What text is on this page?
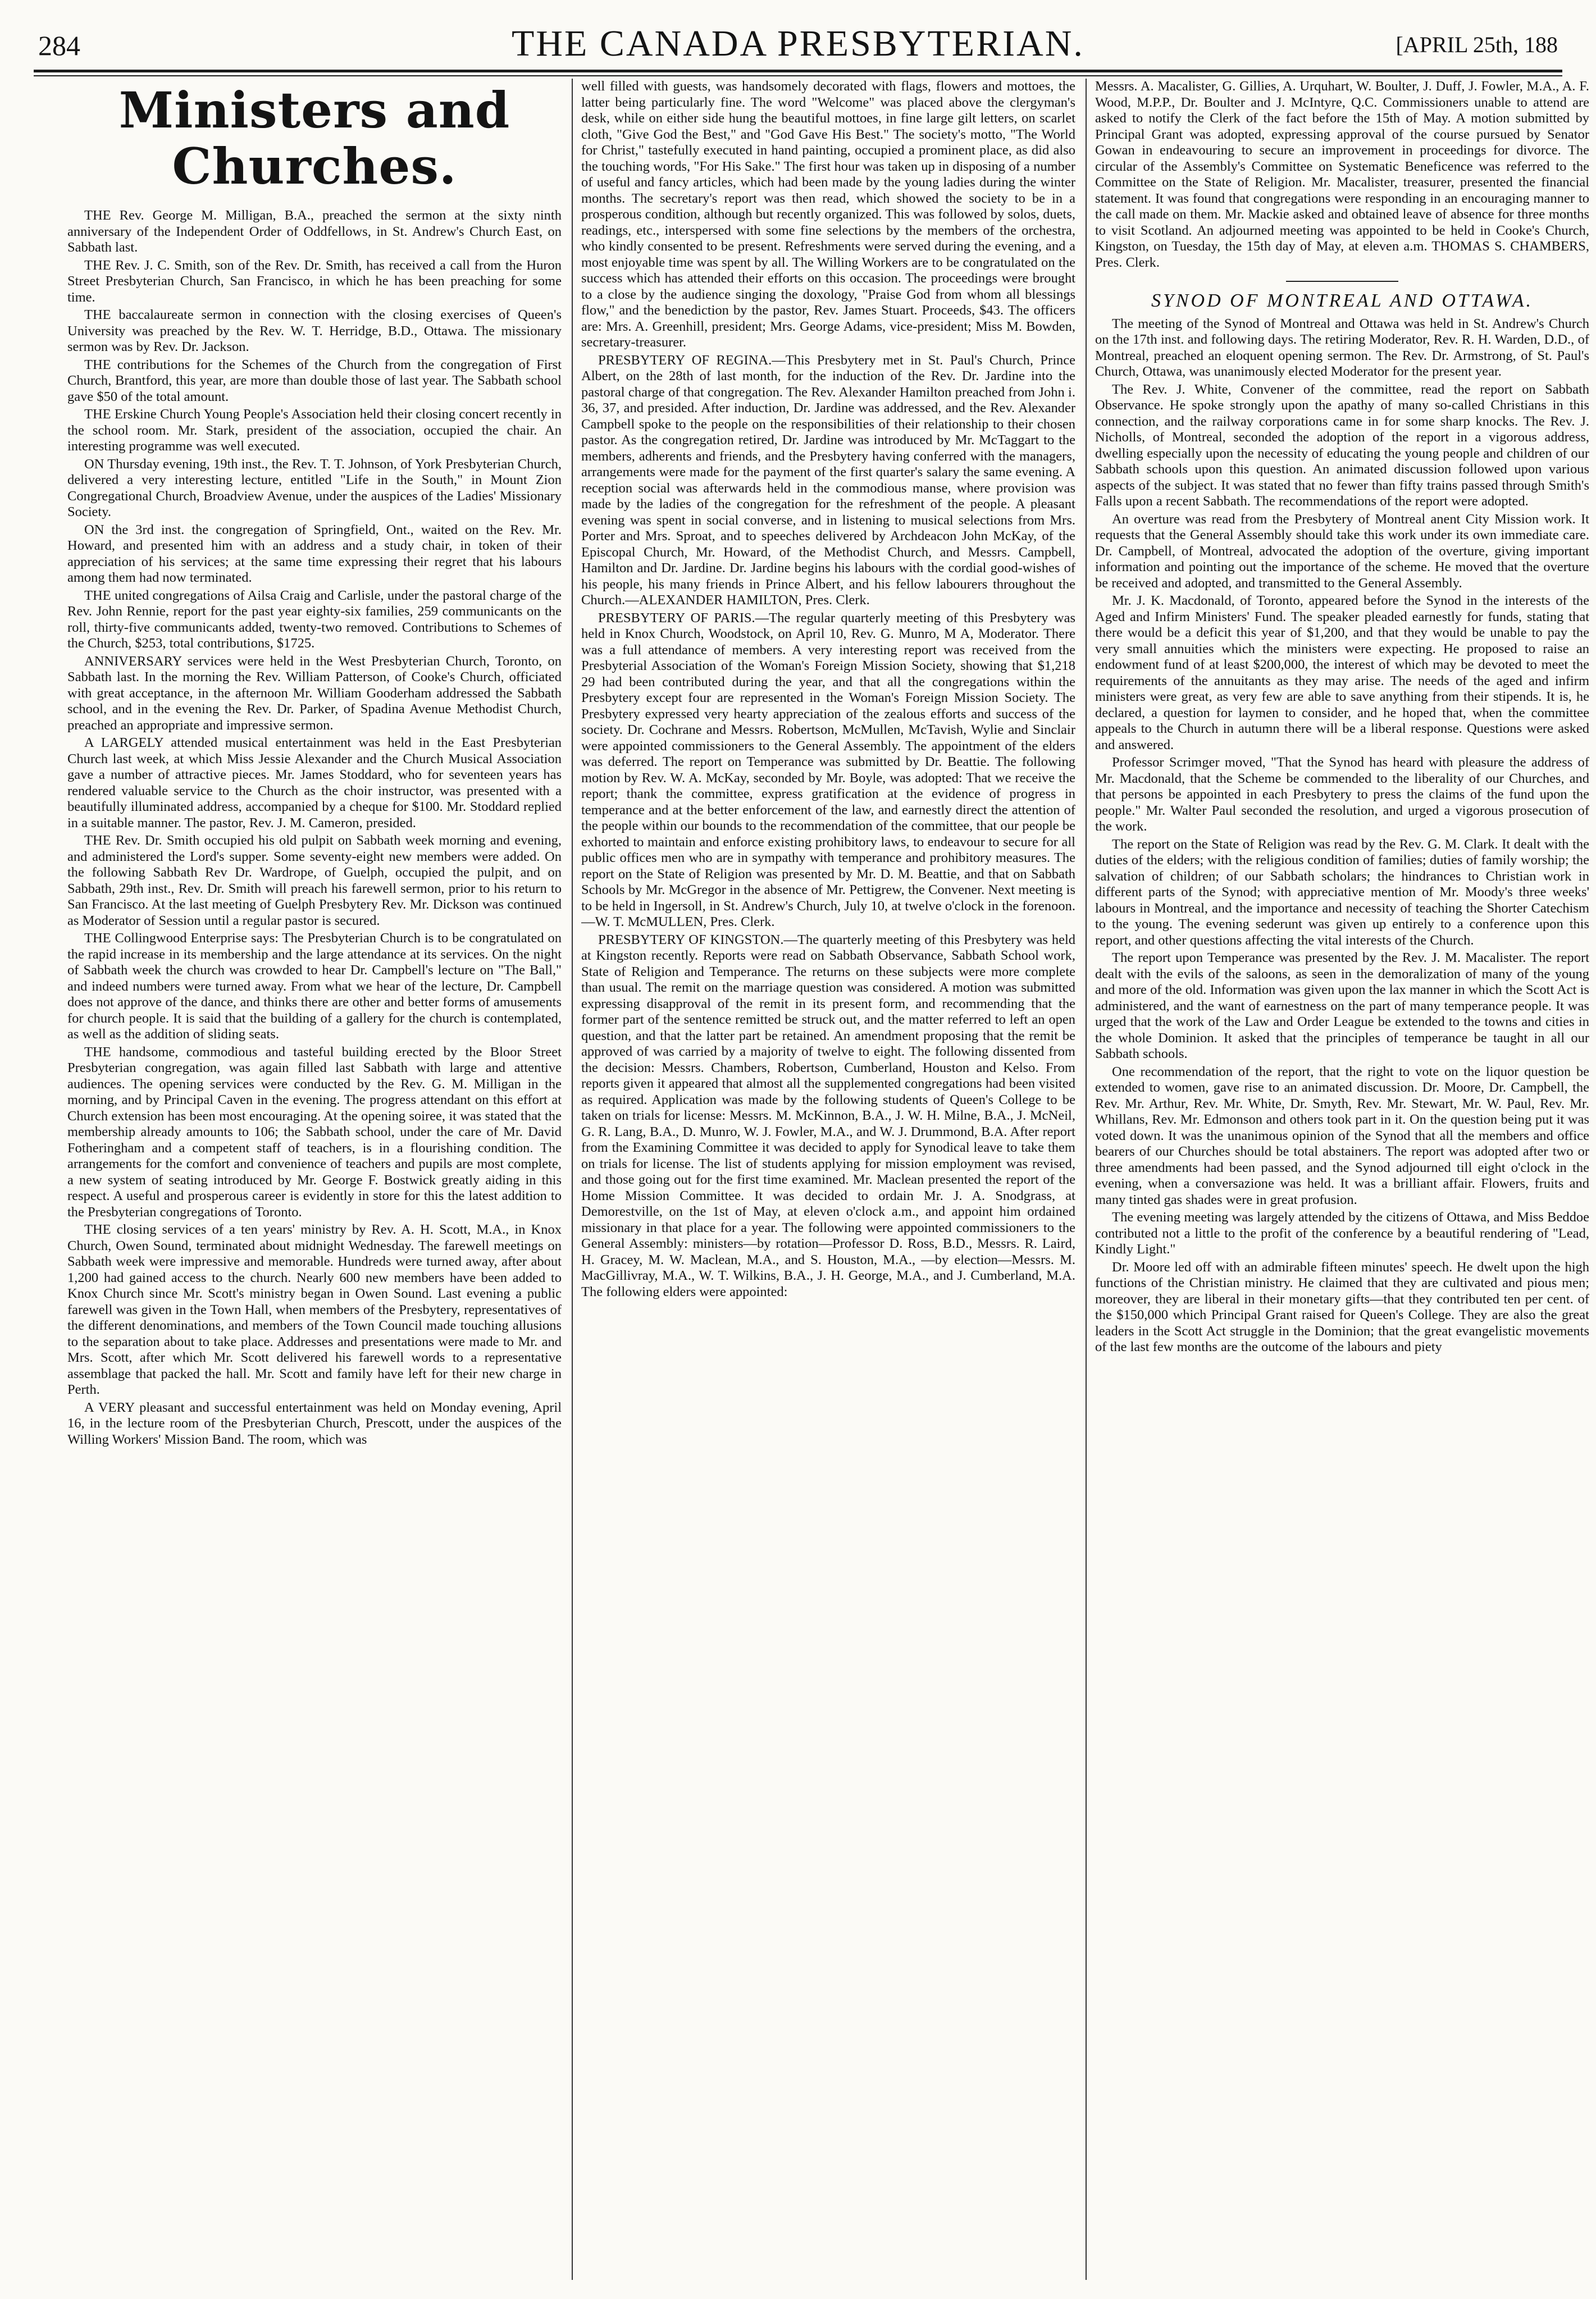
284	THE CANADA PRESBYTERIAN.	[APRIL 25th, 188
Ministers and Churches.

THE Rev. George M. Milligan, B.A., preached the sermon at the sixty ninth anniversary of the Independent Order of Oddfellows, in St. Andrew's Church East, on Sabbath last.

THE Rev. J. C. Smith, son of the Rev. Dr. Smith, has received a call from the Huron Street Presbyterian Church, San Francisco, in which he has been preaching for some time.

THE baccalaureate sermon in connection with the closing exercises of Queen's University was preached by the Rev. W. T. Herridge, B.D., Ottawa. The missionary sermon was by Rev. Dr. Jackson.

THE contributions for the Schemes of the Church from the congregation of First Church, Brantford, this year, are more than double those of last year. The Sabbath school gave $50 of the total amount.

THE Erskine Church Young People's Association held their closing concert recently in the school room. Mr. Stark, president of the association, occupied the chair. An interesting programme was well executed.

ON Thursday evening, 19th inst., the Rev. T. T. Johnson, of York Presbyterian Church, delivered a very interesting lecture, entitled "Life in the South," in Mount Zion Congregational Church, Broadview Avenue, under the auspices of the Ladies' Missionary Society.

ON the 3rd inst. the congregation of Springfield, Ont., waited on the Rev. Mr. Howard, and presented him with an address and a study chair, in token of their appreciation of his services; at the same time expressing their regret that his labours among them had now terminated.

THE united congregations of Ailsa Craig and Carlisle, under the pastoral charge of the Rev. John Rennie, report for the past year eighty-six families, 259 communicants on the roll, thirty-five communicants added, twenty-two removed. Contributions to Schemes of the Church, $253, total contributions, $1725.

ANNIVERSARY services were held in the West Presbyterian Church, Toronto, on Sabbath last. In the morning the Rev. William Patterson, of Cooke's Church, officiated with great acceptance, in the afternoon Mr. William Gooderham addressed the Sabbath school, and in the evening the Rev. Dr. Parker, of Spadina Avenue Methodist Church, preached an appropriate and impressive sermon.

A LARGELY attended musical entertainment was held in the East Presbyterian Church last week, at which Miss Jessie Alexander and the Church Musical Association gave a number of attractive pieces. Mr. James Stoddard, who for seventeen years has rendered valuable service to the Church as the choir instructor, was presented with a beautifully illuminated address, accompanied by a cheque for $100. Mr. Stoddard replied in a suitable manner. The pastor, Rev. J. M. Cameron, presided.

THE Rev. Dr. Smith occupied his old pulpit on Sabbath week morning and evening, and administered the Lord's supper. Some seventy-eight new members were added. On the following Sabbath Rev Dr. Wardrope, of Guelph, occupied the pulpit, and on Sabbath, 29th inst., Rev. Dr. Smith will preach his farewell sermon, prior to his return to San Francisco. At the last meeting of Guelph Presbytery Rev. Mr. Dickson was continued as Moderator of Session until a regular pastor is secured.

THE Collingwood Enterprise says: The Presbyterian Church is to be congratulated on the rapid increase in its membership and the large attendance at its services. On the night of Sabbath week the church was crowded to hear Dr. Campbell's lecture on "The Ball," and indeed numbers were turned away. From what we hear of the lecture, Dr. Campbell does not approve of the dance, and thinks there are other and better forms of amusements for church people. It is said that the building of a gallery for the church is contemplated, as well as the addition of sliding seats.

THE handsome, commodious and tasteful building erected by the Bloor Street Presbyterian congregation, was again filled last Sabbath with large and attentive audiences. The opening services were conducted by the Rev. G. M. Milligan in the morning, and by Principal Caven in the evening. The progress attendant on this effort at Church extension has been most encouraging. At the opening soiree, it was stated that the membership already amounts to 106; the Sabbath school, under the care of Mr. David Fotheringham and a competent staff of teachers, is in a flourishing condition. The arrangements for the comfort and convenience of teachers and pupils are most complete, a new system of seating introduced by Mr. George F. Bostwick greatly aiding in this respect. A useful and prosperous career is evidently in store for this the latest addition to the Presbyterian congregations of Toronto.

THE closing services of a ten years' ministry by Rev. A. H. Scott, M.A., in Knox Church, Owen Sound, terminated about midnight Wednesday. The farewell meetings on Sabbath week were impressive and memorable. Hundreds were turned away, after about 1,200 had gained access to the church. Nearly 600 new members have been added to Knox Church since Mr. Scott's ministry began in Owen Sound. Last evening a public farewell was given in the Town Hall, when members of the Presbytery, representatives of the different denominations, and members of the Town Council made touching allusions to the separation about to take place. Addresses and presentations were made to Mr. and Mrs. Scott, after which Mr. Scott delivered his farewell words to a representative assemblage that packed the hall. Mr. Scott and family have left for their new charge in Perth.

A VERY pleasant and successful entertainment was held on Monday evening, April 16, in the lecture room of the Presbyterian Church, Prescott, under the auspices of the Willing Workers' Mission Band. The room, which was

well filled with guests, was handsomely decorated with flags, flowers and mottoes, the latter being particularly fine. The word "Welcome" was placed above the clergyman's desk, while on either side hung the beautiful mottoes, in fine large gilt letters, on scarlet cloth, "Give God the Best," and "God Gave His Best." The society's motto, "The World for Christ," tastefully executed in hand painting, occupied a prominent place, as did also the touching words, "For His Sake." The first hour was taken up in disposing of a number of useful and fancy articles, which had been made by the young ladies during the winter months. The secretary's report was then read, which showed the society to be in a prosperous condition, although but recently organized. This was followed by solos, duets, readings, etc., interspersed with some fine selections by the members of the orchestra, who kindly consented to be present. Refreshments were served during the evening, and a most enjoyable time was spent by all. The Willing Workers are to be congratulated on the success which has attended their efforts on this occasion. The proceedings were brought to a close by the audience singing the doxology, "Praise God from whom all blessings flow," and the benediction by the pastor, Rev. James Stuart. Proceeds, $43. The officers are: Mrs. A. Greenhill, president; Mrs. George Adams, vice-president; Miss M. Bowden, secretary-treasurer.

PRESBYTERY OF REGINA.—This Presbytery met in St. Paul's Church, Prince Albert, on the 28th of last month, for the induction of the Rev. Dr. Jardine into the pastoral charge of that congregation. The Rev. Alexander Hamilton preached from John i. 36, 37, and presided. After induction, Dr. Jardine was addressed, and the Rev. Alexander Campbell spoke to the people on the responsibilities of their relationship to their chosen pastor. As the congregation retired, Dr. Jardine was introduced by Mr. McTaggart to the members, adherents and friends, and the Presbytery having conferred with the managers, arrangements were made for the payment of the first quarter's salary the same evening. A reception social was afterwards held in the commodious manse, where provision was made by the ladies of the congregation for the refreshment of the people. A pleasant evening was spent in social converse, and in listening to musical selections from Mrs. Porter and Mrs. Sproat, and to speeches delivered by Archdeacon John McKay, of the Episcopal Church, Mr. Howard, of the Methodist Church, and Messrs. Campbell, Hamilton and Dr. Jardine. Dr. Jardine begins his labours with the cordial good-wishes of his people, his many friends in Prince Albert, and his fellow labourers throughout the Church.—ALEXANDER HAMILTON, Pres. Clerk.

PRESBYTERY OF PARIS.—The regular quarterly meeting of this Presbytery was held in Knox Church, Woodstock, on April 10, Rev. G. Munro, M A, Moderator. There was a full attendance of members. A very interesting report was received from the Presbyterial Association of the Woman's Foreign Mission Society, showing that $1,218 29 had been contributed during the year, and that all the congregations within the Presbytery except four are represented in the Woman's Foreign Mission Society. The Presbytery expressed very hearty appreciation of the zealous efforts and success of the society. Dr. Cochrane and Messrs. Robertson, McMullen, McTavish, Wylie and Sinclair were appointed commissioners to the General Assembly. The appointment of the elders was deferred. The report on Temperance was submitted by Dr. Beattie. The following motion by Rev. W. A. McKay, seconded by Mr. Boyle, was adopted: That we receive the report; thank the committee, express gratification at the evidence of progress in temperance and at the better enforcement of the law, and earnestly direct the attention of the people within our bounds to the recommendation of the committee, that our people be exhorted to maintain and enforce existing prohibitory laws, to endeavour to secure for all public offices men who are in sympathy with temperance and prohibitory measures. The report on the State of Religion was presented by Mr. D. M. Beattie, and that on Sabbath Schools by Mr. McGregor in the absence of Mr. Pettigrew, the Convener. Next meeting is to be held in Ingersoll, in St. Andrew's Church, July 10, at twelve o'clock in the forenoon.—W. T. McMULLEN, Pres. Clerk.

PRESBYTERY OF KINGSTON.—The quarterly meeting of this Presbytery was held at Kingston recently. Reports were read on Sabbath Observance, Sabbath School work, State of Religion and Temperance. The returns on these subjects were more complete than usual. The remit on the marriage question was considered. A motion was submitted expressing disapproval of the remit in its present form, and recommending that the former part of the sentence remitted be struck out, and the matter referred to left an open question, and that the latter part be retained. An amendment proposing that the remit be approved of was carried by a majority of twelve to eight. The following dissented from the decision: Messrs. Chambers, Robertson, Cumberland, Houston and Kelso. From reports given it appeared that almost all the supplemented congregations had been visited as required. Application was made by the following students of Queen's College to be taken on trials for license: Messrs. M. McKinnon, B.A., J. W. H. Milne, B.A., J. McNeil, G. R. Lang, B.A., D. Munro, W. J. Fowler, M.A., and W. J. Drummond, B.A. After report from the Examining Committee it was decided to apply for Synodical leave to take them on trials for license. The list of students applying for mission employment was revised, and those going out for the first time examined. Mr. Maclean presented the report of the Home Mission Committee. It was decided to ordain Mr. J. A. Snodgrass, at Demorestville, on the 1st of May, at eleven o'clock a.m., and appoint him ordained missionary in that place for a year. The following were appointed commissioners to the General Assembly: ministers—by rotation—Professor D. Ross, B.D., Messrs. R. Laird, H. Gracey, M. W. Maclean, M.A., and S. Houston, M.A., —by election—Messrs. M. MacGillivray, M.A., W. T. Wilkins, B.A., J. H. George, M.A., and J. Cumberland, M.A. The following elders were appointed:

Messrs. A. Macalister, G. Gillies, A. Urquhart, W. Boulter, J. Duff, J. Fowler, M.A., A. F. Wood, M.P.P., Dr. Boulter and J. McIntyre, Q.C. Commissioners unable to attend are asked to notify the Clerk of the fact before the 15th of May. A motion submitted by Principal Grant was adopted, expressing approval of the course pursued by Senator Gowan in endeavouring to secure an improvement in proceedings for divorce. The circular of the Assembly's Committee on Systematic Beneficence was referred to the Committee on the State of Religion. Mr. Macalister, treasurer, presented the financial statement. It was found that congregations were responding in an encouraging manner to the call made on them. Mr. Mackie asked and obtained leave of absence for three months to visit Scotland. An adjourned meeting was appointed to be held in Cooke's Church, Kingston, on Tuesday, the 15th day of May, at eleven a.m. THOMAS S. CHAMBERS, Pres. Clerk.

SYNOD OF MONTREAL AND OTTAWA.

The meeting of the Synod of Montreal and Ottawa was held in St. Andrew's Church on the 17th inst. and following days. The retiring Moderator, Rev. R. H. Warden, D.D., of Montreal, preached an eloquent opening sermon. The Rev. Dr. Armstrong, of St. Paul's Church, Ottawa, was unanimously elected Moderator for the present year.

The Rev. J. White, Convener of the committee, read the report on Sabbath Observance. He spoke strongly upon the apathy of many so-called Christians in this connection, and the railway corporations came in for some sharp knocks. The Rev. J. Nicholls, of Montreal, seconded the adoption of the report in a vigorous address, dwelling especially upon the necessity of educating the young people and children of our Sabbath schools upon this question. An animated discussion followed upon various aspects of the subject. It was stated that no fewer than fifty trains passed through Smith's Falls upon a recent Sabbath. The recommendations of the report were adopted.

An overture was read from the Presbytery of Montreal anent City Mission work. It requests that the General Assembly should take this work under its own immediate care. Dr. Campbell, of Montreal, advocated the adoption of the overture, giving important information and pointing out the importance of the scheme. He moved that the overture be received and adopted, and transmitted to the General Assembly.

Mr. J. K. Macdonald, of Toronto, appeared before the Synod in the interests of the Aged and Infirm Ministers' Fund. The speaker pleaded earnestly for funds, stating that there would be a deficit this year of $1,200, and that they would be unable to pay the very small annuities which the ministers were expecting. He proposed to raise an endowment fund of at least $200,000, the interest of which may be devoted to meet the requirements of the annuitants as they may arise. The needs of the aged and infirm ministers were great, as very few are able to save anything from their stipends. It is, he declared, a question for laymen to consider, and he hoped that, when the committee appeals to the Church in autumn there will be a liberal response. Questions were asked and answered.

Professor Scrimger moved, "That the Synod has heard with pleasure the address of Mr. Macdonald, that the Scheme be commended to the liberality of our Churches, and that persons be appointed in each Presbytery to press the claims of the fund upon the people." Mr. Walter Paul seconded the resolution, and urged a vigorous prosecution of the work.

The report on the State of Religion was read by the Rev. G. M. Clark. It dealt with the duties of the elders; with the religious condition of families; duties of family worship; the salvation of children; of our Sabbath scholars; the hindrances to Christian work in different parts of the Synod; with appreciative mention of Mr. Moody's three weeks' labours in Montreal, and the importance and necessity of teaching the Shorter Catechism to the young. The evening sederunt was given up entirely to a conference upon this report, and other questions affecting the vital interests of the Church.

The report upon Temperance was presented by the Rev. J. M. Macalister. The report dealt with the evils of the saloons, as seen in the demoralization of many of the young and more of the old. Information was given upon the lax manner in which the Scott Act is administered, and the want of earnestness on the part of many temperance people. It was urged that the work of the Law and Order League be extended to the towns and cities in the whole Dominion. It asked that the principles of temperance be taught in all our Sabbath schools.

One recommendation of the report, that the right to vote on the liquor question be extended to women, gave rise to an animated discussion. Dr. Moore, Dr. Campbell, the Rev. Mr. Arthur, Rev. Mr. White, Dr. Smyth, Rev. Mr. Stewart, Mr. W. Paul, Rev. Mr. Whillans, Rev. Mr. Edmonson and others took part in it. On the question being put it was voted down. It was the unanimous opinion of the Synod that all the members and office bearers of our Churches should be total abstainers. The report was adopted after two or three amendments had been passed, and the Synod adjourned till eight o'clock in the evening, when a conversazione was held. It was a brilliant affair. Flowers, fruits and many tinted gas shades were in great profusion.

The evening meeting was largely attended by the citizens of Ottawa, and Miss Beddoe contributed not a little to the profit of the conference by a beautiful rendering of "Lead, Kindly Light."

Dr. Moore led off with an admirable fifteen minutes' speech. He dwelt upon the high functions of the Christian ministry. He claimed that they are cultivated and pious men; moreover, they are liberal in their monetary gifts—that they contributed ten per cent. of the $150,000 which Principal Grant raised for Queen's College. They are also the great leaders in the Scott Act struggle in the Dominion; that the great evangelistic movements of the last few months are the outcome of the labours and piety
